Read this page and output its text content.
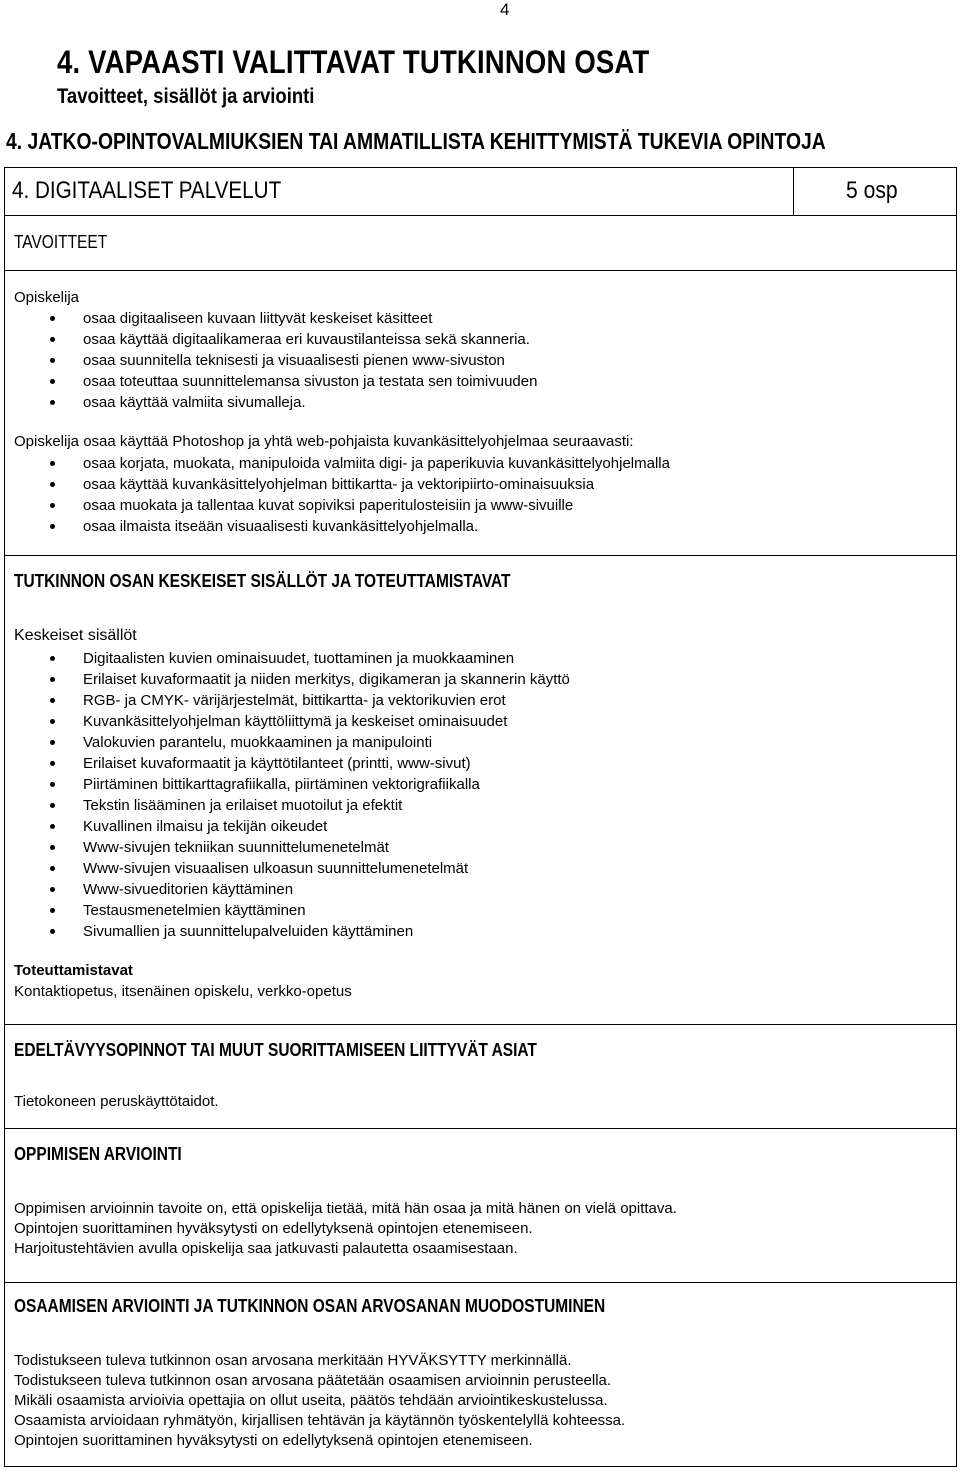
4
4. VAPAASTI VALITTAVAT TUTKINNON OSAT
Tavoitteet, sisällöt ja arviointi
4. JATKO-OPINTOVALMIUKSIEN TAI AMMATILLISTA KEHITTYMISTÄ TUKEVIA OPINTOJA
4. DIGITAALISET PALVELUT	5 osp
TAVOITTEET
Opiskelija
osaa digitaaliseen kuvaan liittyvät keskeiset käsitteet
osaa käyttää digitaalikameraa eri kuvaustilanteissa sekä skanneria.
osaa suunnitella teknisesti ja visuaalisesti pienen www-sivuston
osaa toteuttaa suunnittelemansa sivuston ja testata sen toimivuuden
osaa käyttää valmiita sivumalleja.
Opiskelija osaa käyttää Photoshop ja yhtä web-pohjaista kuvankäsittelyohjelmaa seuraavasti:
osaa korjata, muokata, manipuloida valmiita digi- ja paperikuvia kuvankäsittelyohjelmalla
osaa käyttää kuvankäsittelyohjelman bittikartta- ja vektoripiirto-ominaisuuksia
osaa muokata ja tallentaa kuvat sopiviksi paperitulosteisiin ja www-sivuille
osaa ilmaista itseään visuaalisesti kuvankäsittelyohjelmalla.
TUTKINNON OSAN KESKEISET SISÄLLÖT JA TOTEUTTAMISTAVAT
Keskeiset sisällöt
Digitaalisten kuvien ominaisuudet, tuottaminen ja muokkaaminen
Erilaiset kuvaformaatit ja niiden merkitys, digikameran ja skannerin käyttö
RGB- ja CMYK- värijärjestelmät, bittikartta- ja vektorikuvien erot
Kuvankäsittelyohjelman käyttöliittymä ja keskeiset ominaisuudet
Valokuvien parantelu, muokkaaminen ja manipulointi
Erilaiset kuvaformaatit ja käyttötilanteet (printti, www-sivut)
Piirtäminen bittikarttagrafiikalla, piirtäminen vektorigrafiikalla
Tekstin lisääminen ja erilaiset muotoilut ja efektit
Kuvallinen ilmaisu ja tekijän oikeudet
Www-sivujen tekniikan suunnittelumenetelmät
Www-sivujen visuaalisen ulkoasun suunnittelumenetelmät
Www-sivueditorien käyttäminen
Testausmenetelmien käyttäminen
Sivumallien ja suunnittelupalveluiden käyttäminen
Toteuttamistavat
Kontaktiopetus, itsenäinen opiskelu, verkko-opetus
EDELTÄVYYSOPINNOT TAI MUUT SUORITTAMISEEN LIITTYVÄT ASIAT
Tietokoneen peruskäyttötaidot.
OPPIMISEN ARVIOINTI
Oppimisen arvioinnin tavoite on, että opiskelija tietää, mitä hän osaa ja mitä hänen on vielä opittava.
Opintojen suorittaminen hyväksytysti on edellytyksenä opintojen etenemiseen.
Harjoitustehtävien avulla opiskelija saa jatkuvasti palautetta osaamisestaan.
OSAAMISEN ARVIOINTI JA TUTKINNON OSAN ARVOSANAN MUODOSTUMINEN
Todistukseen tuleva tutkinnon osan arvosana merkitään HYVÄKSYTTY merkinnällä.
Todistukseen tuleva tutkinnon osan arvosana päätetään osaamisen arvioinnin perusteella.
Mikäli osaamista arvioivia opettajia on ollut useita, päätös tehdään arviointikeskustelussa.
Osaamista arvioidaan ryhmätyön, kirjallisen tehtävän ja käytännön työskentelyllä kohteessa.
Opintojen suorittaminen hyväksytysti on edellytyksenä opintojen etenemiseen.
